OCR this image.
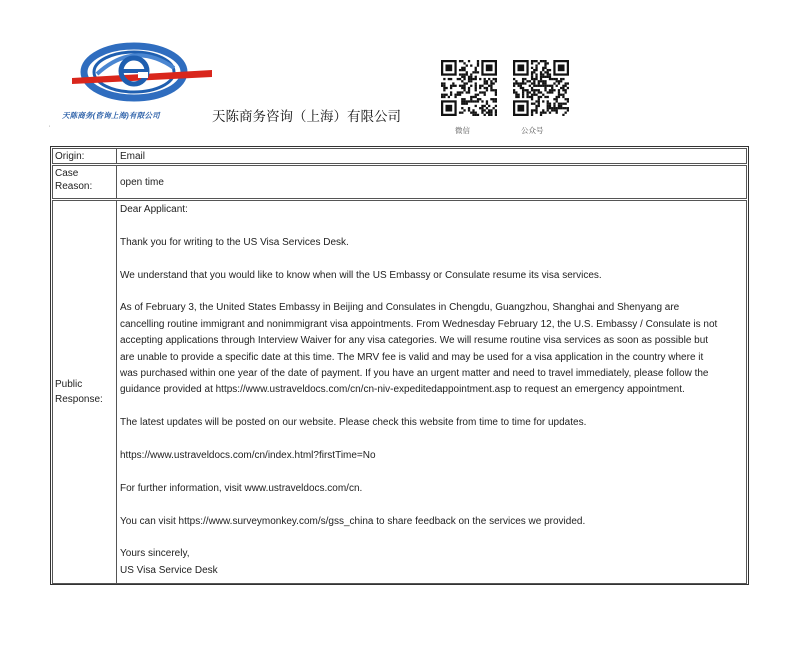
天陈商务(咨询上海)有限公司	天陈商务咨询（上海）有限公司
'	微信	公众号
Origin:	Email
Case
Reason:	open time
Public
Response:

Dear Applicant:

Thank you for writing to the US Visa Services Desk.

We understand that you would like to know when will the US Embassy or Consulate resume its visa services.

As of February 3, the United States Embassy in Beijing and Consulates in Chengdu, Guangzhou, Shanghai and Shenyang are

cancelling routine immigrant and nonimmigrant visa appointments. From Wednesday February 12, the U.S. Embassy / Consulate is not

accepting applications through Interview Waiver for any visa categories. We will resume routine visa services as soon as possible but

are unable to provide a specific date at this time. The MRV fee is valid and may be used for a visa application in the country where it

was purchased within one year of the date of payment. If you have an urgent matter and need to travel immediately, please follow the

guidance provided at https://www.ustraveldocs.com/cn/cn-niv-expeditedappointment.asp to request an emergency appointment.

The latest updates will be posted on our website. Please check this website from time to time for updates.

https://www.ustraveldocs.com/cn/index.html?firstTime=No

For further information, visit www.ustraveldocs.com/cn.

You can visit https://www.surveymonkey.com/s/gss_china to share feedback on the services we provided.

Yours sincerely,

US Visa Service Desk
